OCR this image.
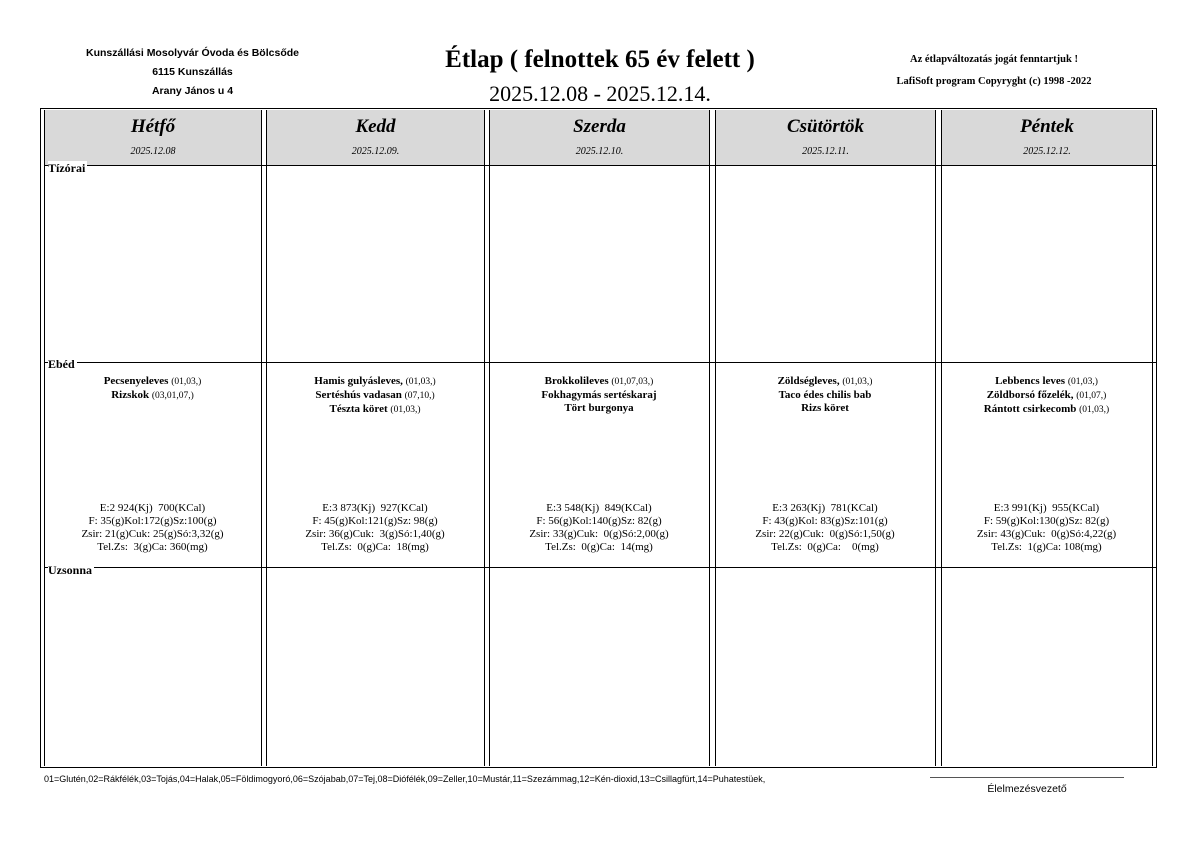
Kunszállási Mosolyvár Óvoda és Bölcsőde
6115 Kunszállás
Arany János u 4
Étlap ( felnottek 65 év felett )
2025.12.08 - 2025.12.14.
Az étlapváltozatás jogát fenntartjuk !
LafiSoft program Copyryght (c) 1998 -2022
Hétfő
2025.12.08
Pecsenyeleves (01,03,)
Rizskok (03,01,07,)
E:2 924(Kj)  700(KCal)
F: 35(g)Kol:172(g)Sz:100(g)
Zsir: 21(g)Cuk: 25(g)Só:3,32(g)
Tel.Zs:  3(g)Ca: 360(mg)
Kedd
2025.12.09.
Hamis gulyásleves, (01,03,)
Sertéshús vadasan (07,10,)
Tészta köret (01,03,)
E:3 873(Kj)  927(KCal)
F: 45(g)Kol:121(g)Sz: 98(g)
Zsir: 36(g)Cuk:  3(g)Só:1,40(g)
Tel.Zs:  0(g)Ca:  18(mg)
Szerda
2025.12.10.
Brokkolileves (01,07,03,)
Fokhagymás sertéskaraj
Tört burgonya
E:3 548(Kj)  849(KCal)
F: 56(g)Kol:140(g)Sz: 82(g)
Zsir: 33(g)Cuk:  0(g)Só:2,00(g)
Tel.Zs:  0(g)Ca:  14(mg)
Csütörtök
2025.12.11.
Zöldségleves, (01,03,)
Taco édes chilis bab
Rizs köret
E:3 263(Kj)  781(KCal)
F: 43(g)Kol: 83(g)Sz:101(g)
Zsir: 22(g)Cuk:  0(g)Só:1,50(g)
Tel.Zs:  0(g)Ca:    0(mg)
Péntek
2025.12.12.
Lebbencs leves (01,03,)
Zöldborsó főzelék, (01,07,)
Rántott csirkecomb (01,03,)
E:3 991(Kj)  955(KCal)
F: 59(g)Kol:130(g)Sz: 82(g)
Zsir: 43(g)Cuk:  0(g)Só:4,22(g)
Tel.Zs:  1(g)Ca: 108(mg)
Tízórai
Ebéd
Uzsonna
01=Glutén,02=Rákfélék,03=Tojás,04=Halak,05=Földimogyoró,06=Szójabab,07=Tej,08=Diófélék,09=Zeller,10=Mustár,11=Szezámmag,12=Kén-dioxid,13=Csillagfürt,14=Puhatestüek,
Élelmezésvezető
